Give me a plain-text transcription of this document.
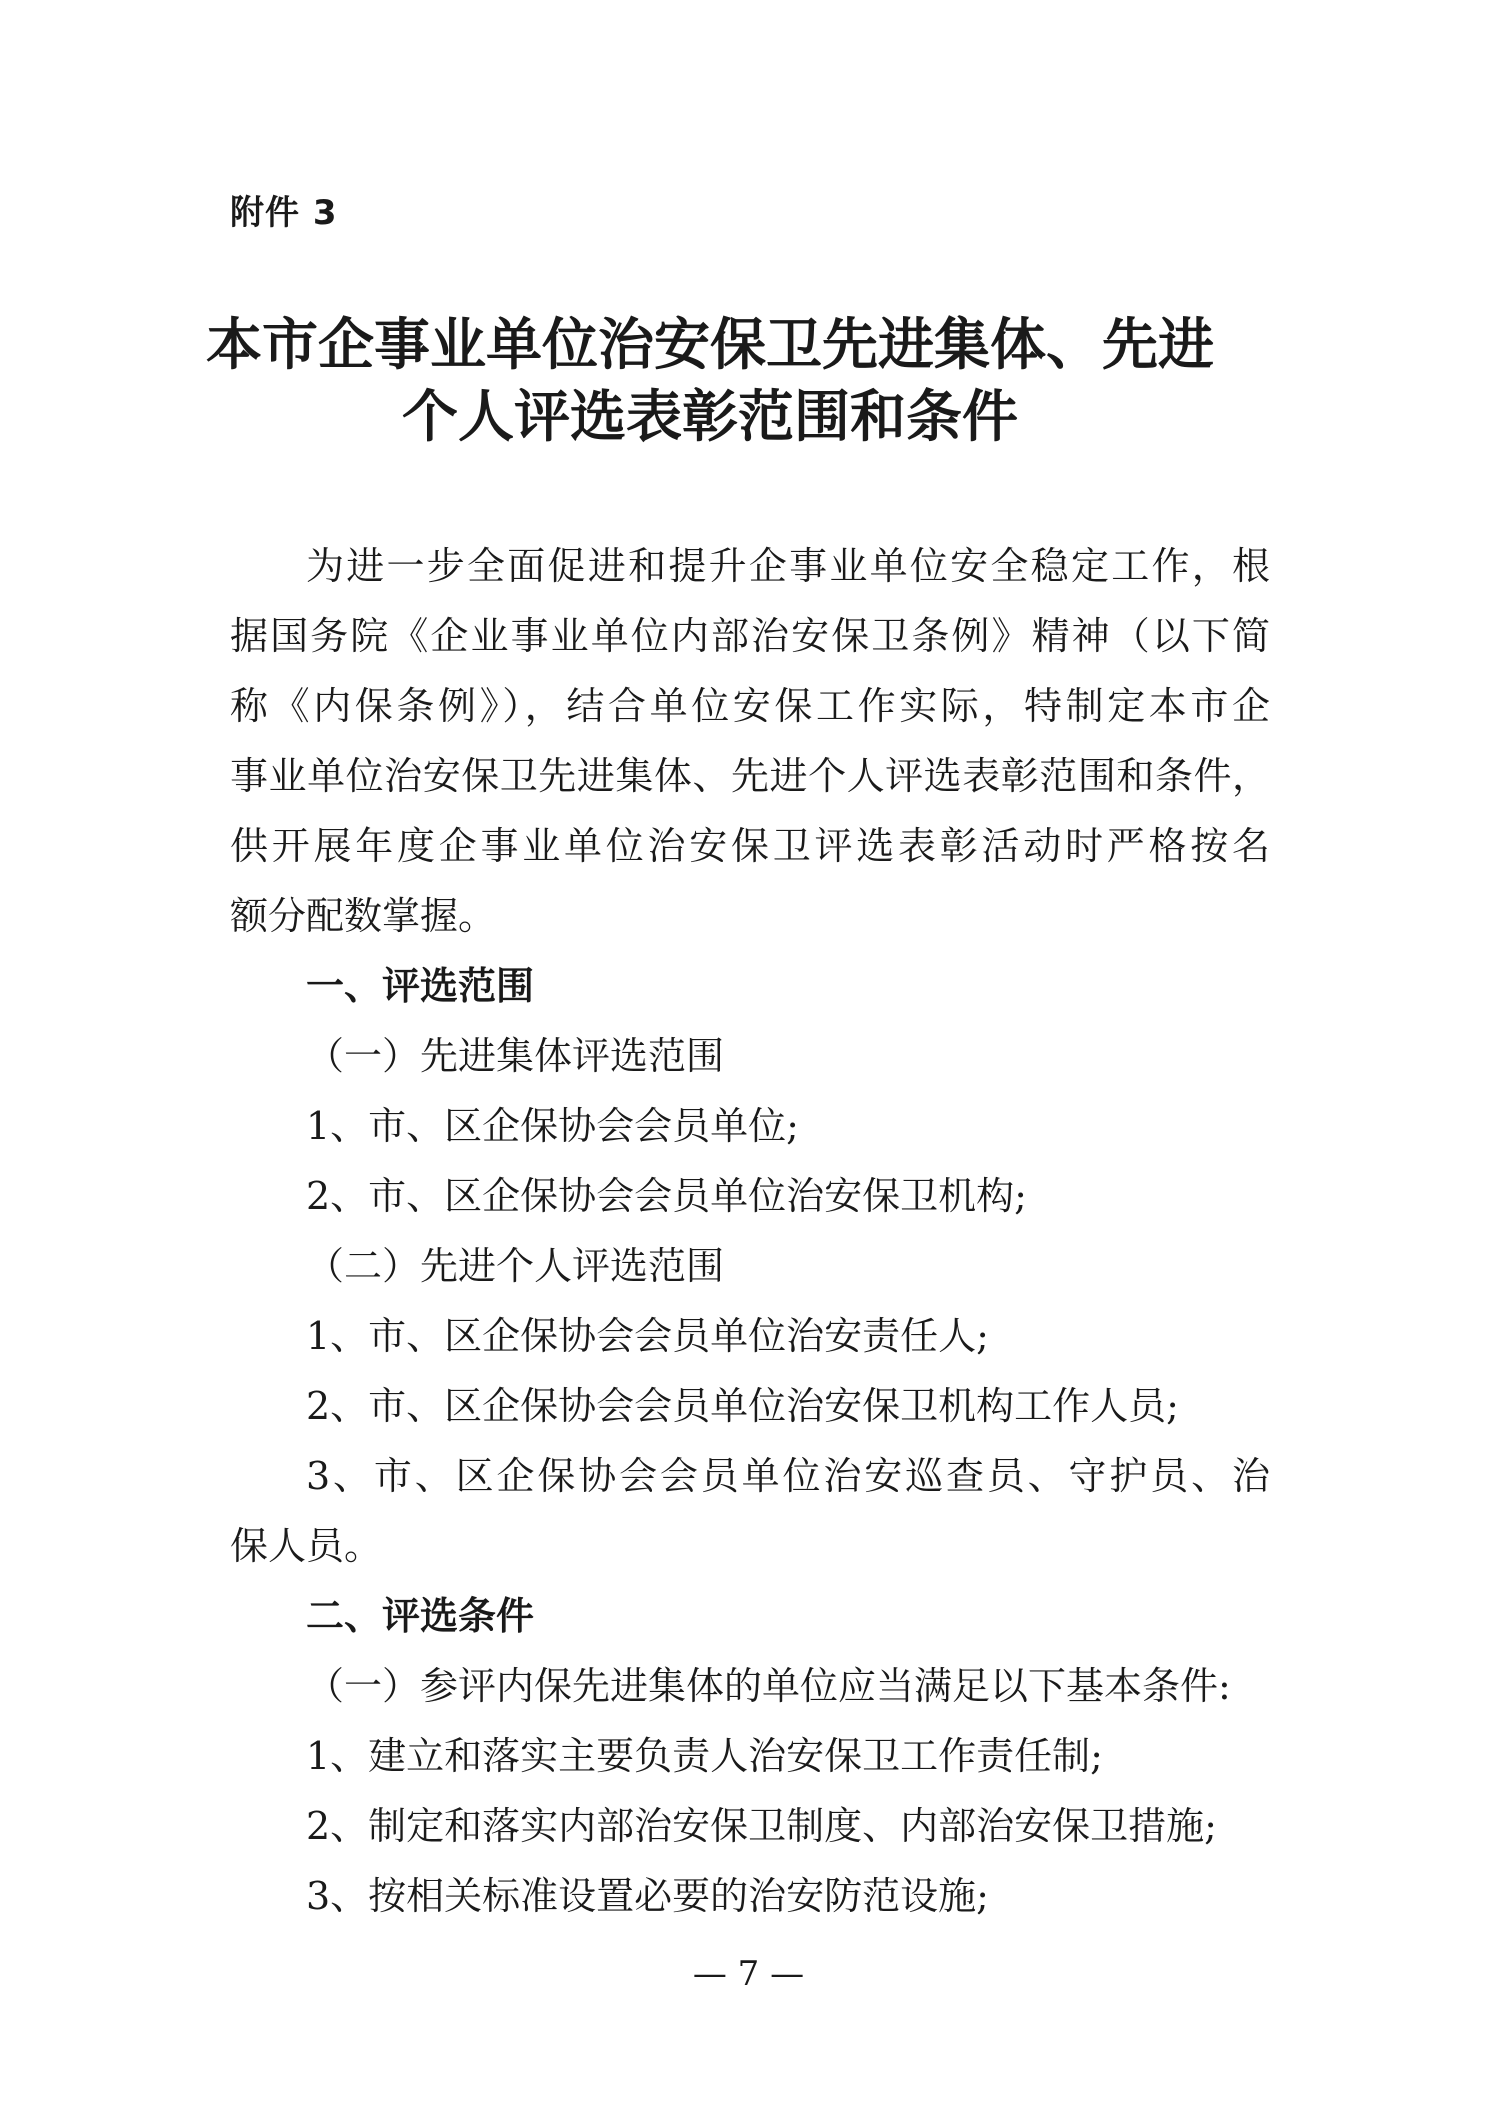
附件 3
本市企事业单位治安保卫先进集体、先进
个人评选表彰范围和条件
为进一步全面促进和提升企事业单位安全稳定工作，根
据国务院《企业事业单位内部治安保卫条例》精神（以下简
称《内保条例》），结合单位安保工作实际，特制定本市企
事业单位治安保卫先进集体、先进个人评选表彰范围和条件，
供开展年度企事业单位治安保卫评选表彰活动时严格按名
额分配数掌握。
一、评选范围
（一）先进集体评选范围
1、市、区企保协会会员单位;
2、市、区企保协会会员单位治安保卫机构;
（二）先进个人评选范围
1、市、区企保协会会员单位治安责任人;
2、市、区企保协会会员单位治安保卫机构工作人员;
3、市、区企保协会会员单位治安巡查员、守护员、治
保人员。
二、评选条件
（一）参评内保先进集体的单位应当满足以下基本条件:
1、建立和落实主要负责人治安保卫工作责任制;
2、制定和落实内部治安保卫制度、内部治安保卫措施;
3、按相关标准设置必要的治安防范设施;
— 7 —
